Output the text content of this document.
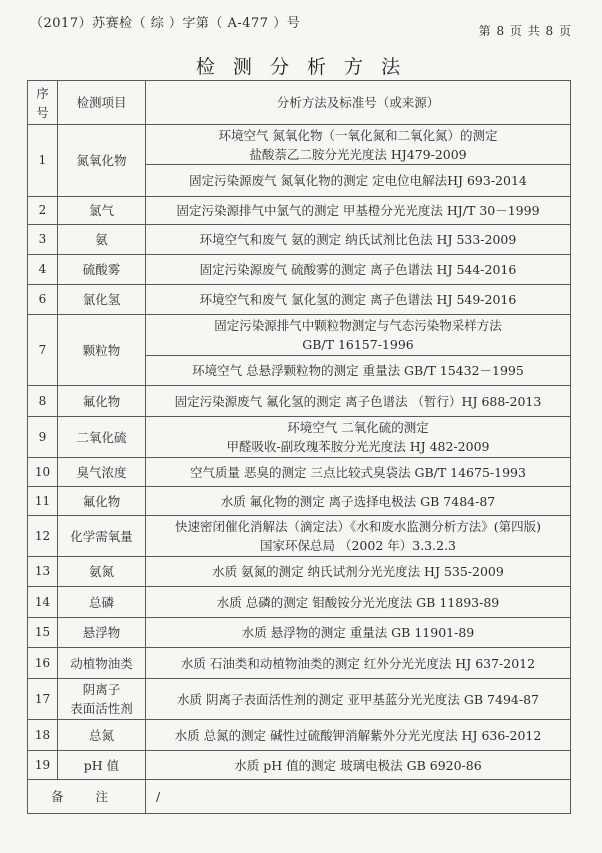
（2017）苏赛检（ 综 ）字第（ A-477 ）号	第 8 页 共 8 页
检 测 分 析 方 法
序
号	检测项目	分析方法及标准号（或来源）
1	氮氧化物	环境空气 氮氧化物（一氧化氮和二氧化氮）的测定
盐酸萘乙二胺分光光度法 HJ479-2009

		固定污染源废气 氮氧化物的测定 定电位电解法HJ 693-2014

2	氯气	固定污染源排气中氯气的测定 甲基橙分光光度法 HJ/T 30－1999

3	氨	环境空气和废气 氨的测定 纳氏试剂比色法 HJ 533-2009

4	硫酸雾	固定污染源废气 硫酸雾的测定 离子色谱法 HJ 544-2016

6	氯化氢	环境空气和废气 氯化氢的测定 离子色谱法 HJ 549-2016

7	颗粒物	固定污染源排气中颗粒物测定与气态污染物采样方法
GB/T 16157-1996

		环境空气 总悬浮颗粒物的测定 重量法 GB/T 15432－1995

8	氟化物	固定污染源废气 氟化氢的测定 离子色谱法 （暂行）HJ 688-2013

9	二氧化硫	环境空气 二氧化硫的测定
甲醛吸收-副玫瑰苯胺分光光度法 HJ 482-2009

10	臭气浓度	空气质量 恶臭的测定 三点比较式臭袋法 GB/T 14675-1993

11	氟化物	水质 氟化物的测定 离子选择电极法 GB 7484-87

12	化学需氧量	快速密闭催化消解法（滴定法）《水和废水监测分析方法》(第四版)
国家环保总局 （2002 年）3.3.2.3

13	氨氮	水质 氨氮的测定 纳氏试剂分光光度法 HJ 535-2009

14	总磷	水质 总磷的测定 钼酸铵分光光度法 GB 11893-89

15	悬浮物	水质 悬浮物的测定 重量法 GB 11901-89

16	动植物油类	水质 石油类和动植物油类的测定 红外分光光度法 HJ 637-2012

17	阴离子
表面活性剂	水质 阴离子表面活性剂的测定 亚甲基蓝分光光度法 GB 7494-87

18	总氮	水质 总氮的测定 碱性过硫酸钾消解紫外分光光度法 HJ 636-2012

19	pH 值	水质 pH 值的测定 玻璃电极法 GB 6920-86

备 注		/
